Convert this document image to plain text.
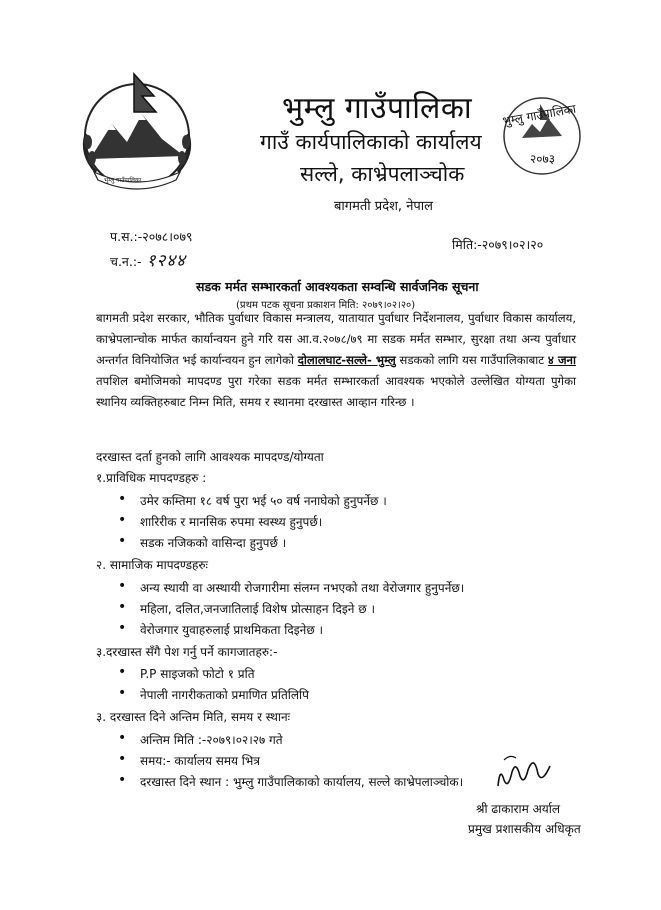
भुम्लु गाउँपालिका
भुम्लु गाउँपालिका
गाउँ कार्यपालिकाको कार्यालय
सल्ले, काभ्रेपलाञ्चोक
बागमती प्रदेश, नेपाल
भुम्लु गाउँपालिका
२०७३
प.स.:-२०७८।०७९
च.न.:- १२४४
मिति:-२०७९।०२।२०
सडक मर्मत सम्भारकर्ता आवश्यकता सम्वन्धि सार्वजनिक सूचना
(प्रथम पटक सूचना प्रकाशन मिति: २०७९।०२।२०)
बागमती प्रदेश सरकार, भौतिक पुर्वाधार विकास मन्त्रालय, यातायात पुर्वाधार निर्देशनालय, पुर्वाधार विकास कार्यालय, काभ्रेपलान्चोक मार्फत कार्यान्वयन हुने गरि यस आ.व.२०७८/७९ मा सडक मर्मत सम्भार, सुरक्षा तथा अन्य पुर्वाधार अन्तर्गत विनियोजित भई कार्यान्वयन हुन लागेको दोलालघाट-सल्ले- भुम्लु सडकको लागि यस गाउँपालिकाबाट ४ जना तपशिल बमोजिमको मापदण्ड पुरा गरेका सडक मर्मत सम्भारकर्ता आवश्यक भएकोले उल्लेखित योग्यता पुगेका स्थानिय व्यक्तिहरुबाट निम्न मिति, समय र स्थानमा दरखास्त आव्हान गरिन्छ ।
दरखास्त दर्ता हुनको लागि आवश्यक मापदण्ड/योग्यता
१.प्राविधिक मापदण्डहरु :
• उमेर कम्तिमा १८ वर्ष पुरा भई ५० वर्ष ननाघेको हुनुपर्नेछ ।
• शारिरीक र मानसिक रुपमा स्वस्थ्य हुनुपर्छ।
• सडक नजिकको वासिन्दा हुनुपर्छ ।
२. सामाजिक मापदण्डहरुः
• अन्य स्थायी वा अस्थायी रोजगारीमा संलग्न नभएको तथा वेरोजगार हुनुपर्नेछ।
• महिला, दलित,जनजातिलाई विशेष प्रोत्साहन दिइने छ ।
• वेरोजगार युवाहरुलाई प्राथमिकता दिइनेछ ।
३.दरखास्त सँगै पेश गर्नु पर्ने कागजातहरु:-
• P.P साइजको फोटो १ प्रति
• नेपाली नागरीकताको प्रमाणित प्रतिलिपि
३. दरखास्त दिने अन्तिम मिति, समय र स्थानः
• अन्तिम मिति :-२०७९।०२।२७ गते
• समय:- कार्यालय समय भित्र
• दरखास्त दिने स्थान : भुम्लु गाउँपालिकाको कार्यालय, सल्ले काभ्रेपलाञ्चोक।
श्री ढाकाराम अर्याल
प्रमुख प्रशासकीय अधिकृत
